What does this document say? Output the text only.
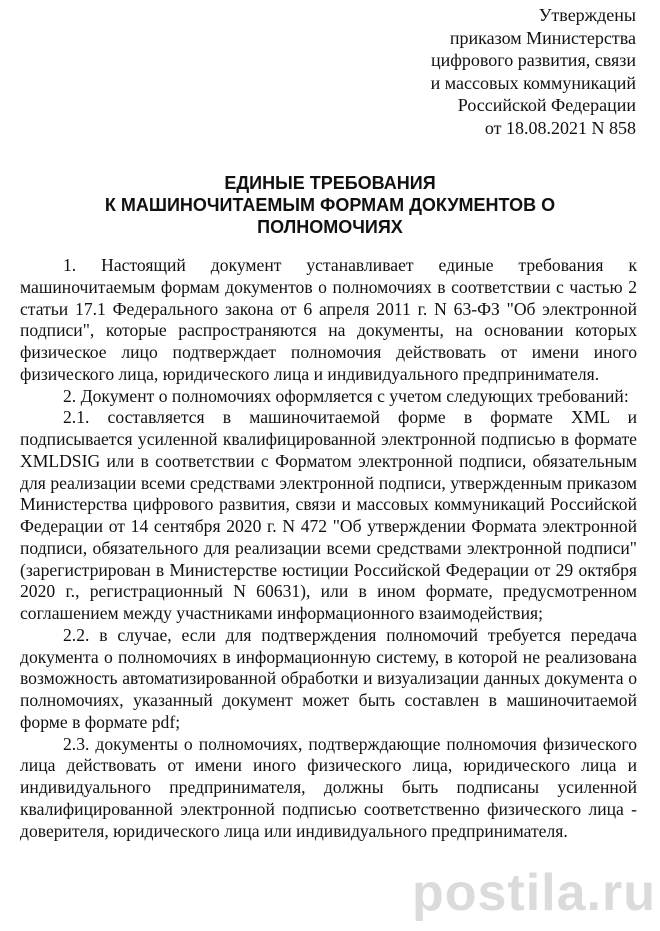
Утверждены
приказом Министерства
цифрового развития, связи
и массовых коммуникаций
Российской Федерации
от 18.08.2021 N 858
ЕДИНЫЕ ТРЕБОВАНИЯ
К МАШИНОЧИТАЕМЫМ ФОРМАМ ДОКУМЕНТОВ О
ПОЛНОМОЧИЯХ

1. Настоящий документ устанавливает единые требования к машиночитаемым формам документов о полномочиях в соответствии с частью 2 статьи 17.1 Федерального закона от 6 апреля 2011 г. N 63-ФЗ "Об электронной подписи", которые распространяются на документы, на основании которых физическое лицо подтверждает полномочия действовать от имени иного физического лица, юридического лица и индивидуального предпринимателя.

2. Документ о полномочиях оформляется с учетом следующих требований:

2.1. составляется в машиночитаемой форме в формате XML и подписывается усиленной квалифицированной электронной подписью в формате XMLDSIG или в соответствии с Форматом электронной подписи, обязательным для реализации всеми средствами электронной подписи, утвержденным приказом Министерства цифрового развития, связи и массовых коммуникаций Российской Федерации от 14 сентября 2020 г. N 472 "Об утверждении Формата электронной подписи, обязательного для реализации всеми средствами электронной подписи" (зарегистрирован в Министерстве юстиции Российской Федерации от 29 октября 2020 г., регистрационный N 60631), или в ином формате, предусмотренном соглашением между участниками информационного взаимодействия;

2.2. в случае, если для подтверждения полномочий требуется передача документа о полномочиях в информационную систему, в которой не реализована возможность автоматизированной обработки и визуализации данных документа о полномочиях, указанный документ может быть составлен в машиночитаемой форме в формате pdf;

2.3. документы о полномочиях, подтверждающие полномочия физического лица действовать от имени иного физического лица, юридического лица и индивидуального предпринимателя, должны быть подписаны усиленной квалифицированной электронной подписью соответственно физического лица - доверителя, юридического лица или индивидуального предпринимателя.

postila.ru
